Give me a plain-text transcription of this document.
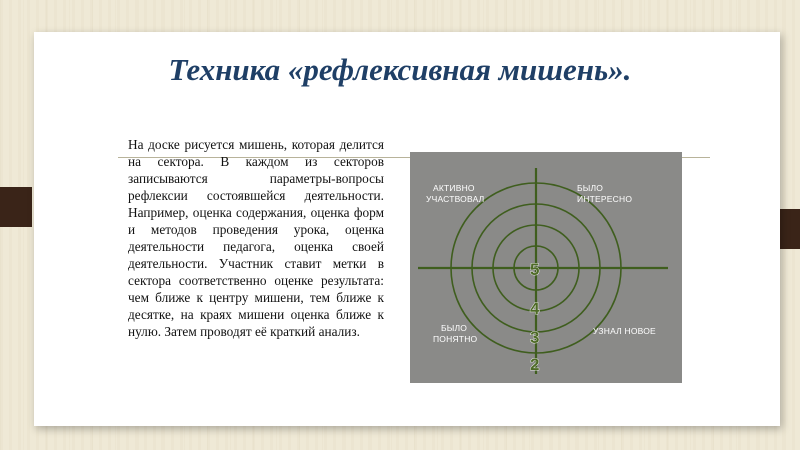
Техника «рефлексивная мишень».

На доске рисуется мишень, которая делится на сектора. В каждом из секторов записываются параметры-вопросы рефлексии состоявшейся деятельности. Например, оценка содержания, оценка форм и методов проведения урока, оценка деятельности педагога, оценка своей деятельности. Участник ставит метки в сектора соответственно оценке результата: чем ближе к центру мишени, тем ближе к десятке, на краях мишени оценка ближе к нулю. Затем проводят её краткий анализ.

АКТИВНО
УЧАСТВОВАЛ
БЫЛО
ИНТЕРЕСНО
БЫЛО
ПОНЯТНО
УЗНАЛ НОВОЕ
5
4
3
2
